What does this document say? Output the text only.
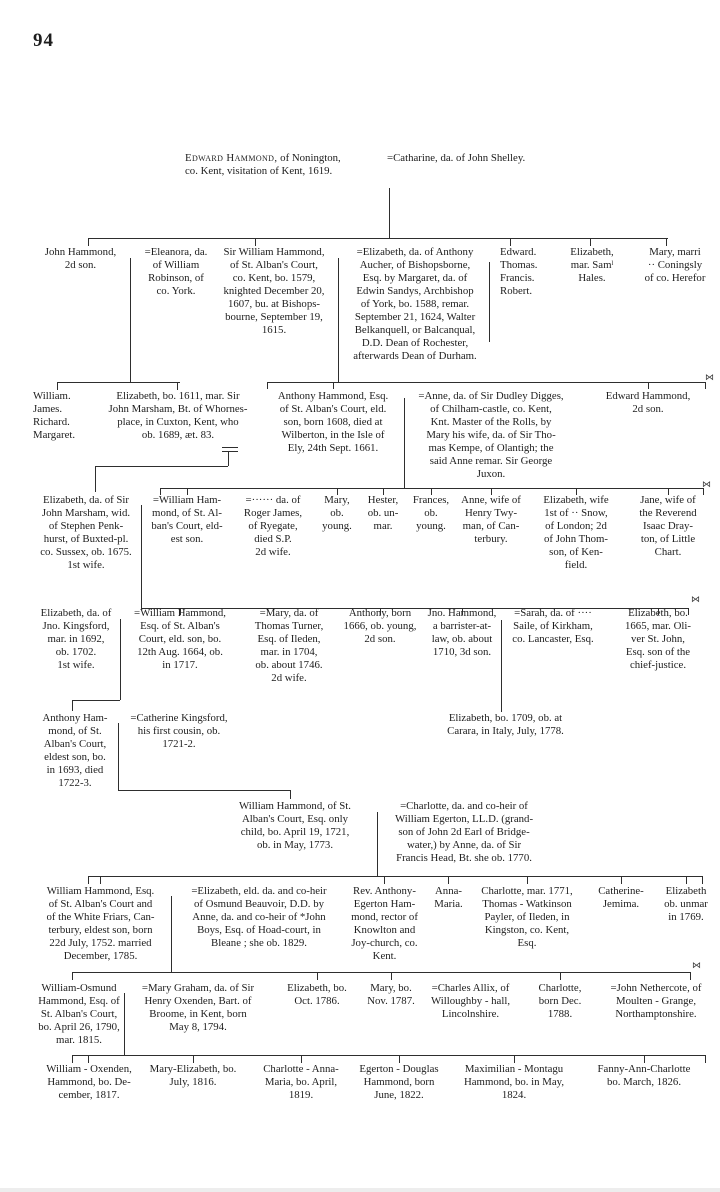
94
Edward Hammond, of Nonington,
co. Kent, visitation of Kent, 1619.
=Catharine, da. of John Shelley.
John Hammond,
2d son.
=Eleanora, da.
of William
Robinson, of
co. York.
Sir William Hammond,
of St. Alban's Court,
co. Kent, bo. 1579,
knighted December 20,
1607, bu. at Bishops-
bourne, September 19,
1615.
=Elizabeth, da. of Anthony
Aucher, of Bishopsborne,
Esq. by Margaret, da. of
Edwin Sandys, Archbishop
of York, bo. 1588, remar.
September 21, 1624, Walter
Belkanquell, or Balcanqual,
D.D. Dean of Rochester,
afterwards Dean of Durham.
Edward.
Thomas.
Francis.
Robert.
Elizabeth,
mar. Samˡ
Hales.
Mary, marri
·· Coningsly
of co. Herefor
William.
James.
Richard.
Margaret.
Elizabeth, bo. 1611, mar. Sir
John Marsham, Bt. of Whornes-
place, in Cuxton, Kent, who
ob. 1689, æt. 83.
Anthony Hammond, Esq.
of St. Alban's Court, eld.
son, born 1608, died at
Wilberton, in the Isle of
Ely, 24th Sept. 1661.
=Anne, da. of Sir Dudley Digges,
of Chilham-castle, co. Kent,
Knt. Master of the Rolls, by
Mary his wife, da. of Sir Tho-
mas Kempe, of Olantigh; the
said Anne remar. Sir George
Juxon.
Edward Hammond,
2d son.
Elizabeth, da. of Sir
John Marsham, wid.
of Stephen Penk-
hurst, of Buxted-pl.
co. Sussex, ob. 1675.
1st wife.
=William Ham-
mond, of St. Al-
ban's Court, eld-
est son.
=······ da. of
Roger James,
of Ryegate,
died S.P.
2d wife.
Mary,
ob.
young.
Hester,
ob. un-
mar.
Frances,
ob.
young.
Anne, wife of
Henry Twy-
man, of Can-
terbury.
Elizabeth, wife
1st of ·· Snow,
of London; 2d
of John Thom-
son, of Ken-
field.
Jane, wife of
the Reverend
Isaac Dray-
ton, of Little
Chart.
Elizabeth, da. of
Jno. Kingsford,
mar. in 1692,
ob. 1702.
1st wife.
=William Hammond,
Esq. of St. Alban's
Court, eld. son, bo.
12th Aug. 1664, ob.
in 1717.
=Mary, da. of
Thomas Turner,
Esq. of Ileden,
mar. in 1704,
ob. about 1746.
2d wife.
Anthony, born
1666, ob. young,
2d son.
Jno. Hammond,
a barrister-at-
law, ob. about
1710, 3d son.
=Sarah, da. of ····
Saile, of Kirkham,
co. Lancaster, Esq.
Elizabeth, bo.
1665, mar. Oli-
ver St. John,
Esq. son of the
chief-justice.
Anthony Ham-
mond, of St.
Alban's Court,
eldest son, bo.
in 1693, died
1722-3.
=Catherine Kingsford,
his first cousin, ob.
1721-2.
Elizabeth, bo. 1709, ob. at
Carara, in Italy, July, 1778.
William Hammond, of St.
Alban's Court, Esq. only
child, bo. April 19, 1721,
ob. in May, 1773.
=Charlotte, da. and co-heir of
William Egerton, LL.D. (grand-
son of John 2d Earl of Bridge-
water,) by Anne, da. of Sir
Francis Head, Bt. she ob. 1770.
William Hammond, Esq.
of St. Alban's Court and
of the White Friars, Can-
terbury, eldest son, born
22d July, 1752. married
December, 1785.
=Elizabeth, eld. da. and co-heir
of Osmund Beauvoir, D.D. by
Anne, da. and co-heir of *John
Boys, Esq. of Hoad-court, in
Bleane ; she ob. 1829.
Rev. Anthony-
Egerton Ham-
mond, rector of
Knowlton and
Joy-church, co.
Kent.
Anna-
Maria.
Charlotte, mar. 1771,
Thomas - Watkinson
Payler, of Ileden, in
Kingston, co. Kent,
Esq.
Catherine-
Jemima.
Elizabeth
ob. unmar
in 1769.
William-Osmund
Hammond, Esq. of
St. Alban's Court,
bo. April 26, 1790,
mar. 1815.
=Mary Graham, da. of Sir
Henry Oxenden, Bart. of
Broome, in Kent, born
May 8, 1794.
Elizabeth, bo.
Oct. 1786.
Mary, bo.
Nov. 1787.
=Charles Allix, of
Willoughby - hall,
Lincolnshire.
Charlotte,
born Dec.
1788.
=John Nethercote, of
Moulten - Grange,
Northamptonshire.
William - Oxenden,
Hammond, bo. De-
cember, 1817.
Mary-Elizabeth, bo.
July, 1816.
Charlotte - Anna-
Maria, bo. April,
1819.
Egerton - Douglas
Hammond, born
June, 1822.
Maximilian - Montagu
Hammond, bo. in May,
1824.
Fanny-Ann-Charlotte
bo. March, 1826.
⋈
⋈
⋈
⋈
